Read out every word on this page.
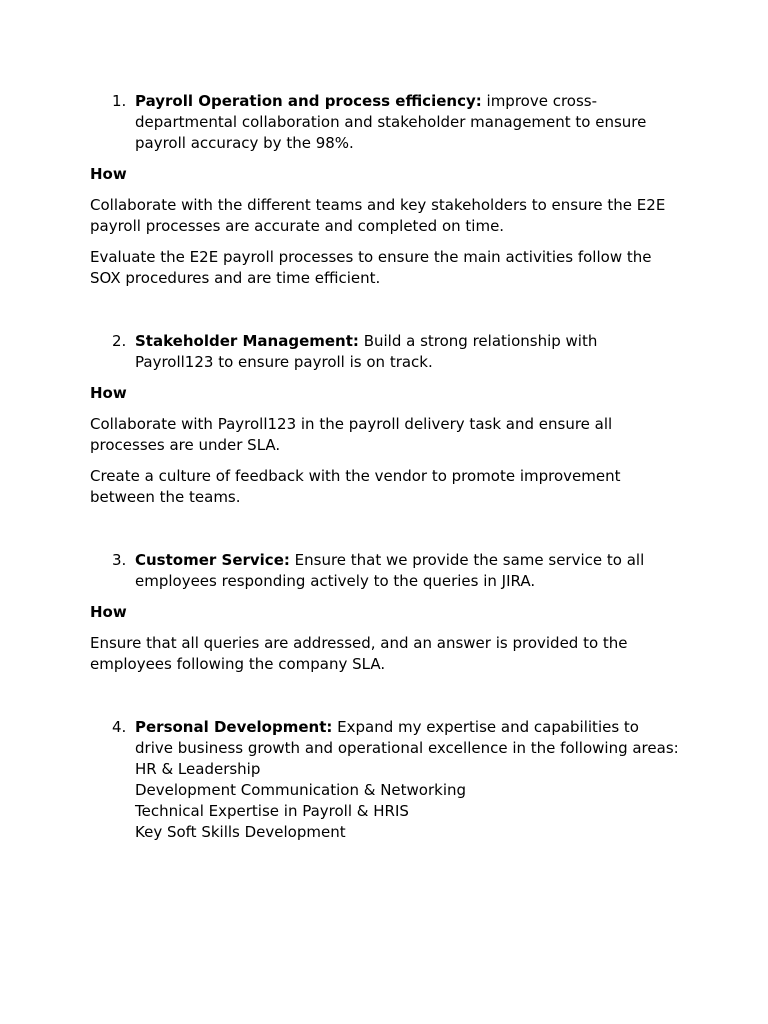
1. Payroll Operation and process efficiency: improve cross-departmental collaboration and stakeholder management to ensure payroll accuracy by the 98%.

How

Collaborate with the different teams and key stakeholders to ensure the E2E payroll processes are accurate and completed on time.

Evaluate the E2E payroll processes to ensure the main activities follow the SOX procedures and are time efficient.

2. Stakeholder Management: Build a strong relationship with Payroll123 to ensure payroll is on track.

How

Collaborate with Payroll123 in the payroll delivery task and ensure all processes are under SLA.

Create a culture of feedback with the vendor to promote improvement between the teams.

3. Customer Service: Ensure that we provide the same service to all employees responding actively to the queries in JIRA.

How

Ensure that all queries are addressed, and an answer is provided to the employees following the company SLA.

4. Personal Development: Expand my expertise and capabilities to drive business growth and operational excellence in the following areas:
HR & Leadership
Development Communication & Networking
Technical Expertise in Payroll & HRIS
Key Soft Skills Development
